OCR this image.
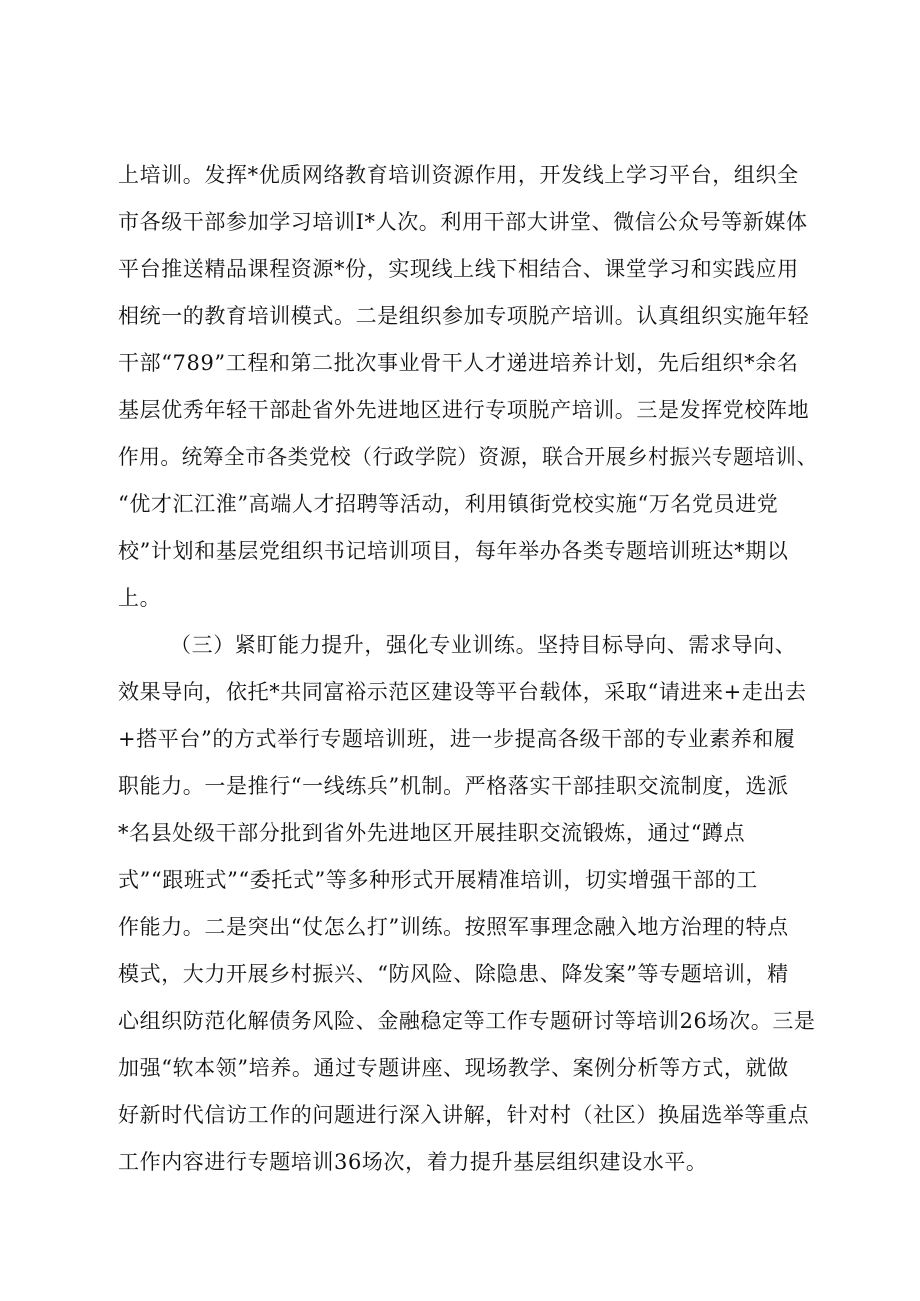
上培训。发挥*优质网络教育培训资源作用，开发线上学习平台，组织全
市各级干部参加学习培训I*人次。利用干部大讲堂、微信公众号等新媒体
平台推送精品课程资源*份，实现线上线下相结合、课堂学习和实践应用
相统一的教育培训模式。二是组织参加专项脱产培训。认真组织实施年轻
干部“789”工程和第二批次事业骨干人才递进培养计划，先后组织*余名
基层优秀年轻干部赴省外先进地区进行专项脱产培训。三是发挥党校阵地
作用。统筹全市各类党校（行政学院）资源，联合开展乡村振兴专题培训、
“优才汇江淮”高端人才招聘等活动，利用镇街党校实施“万名党员进党
校”计划和基层党组织书记培训项目，每年举办各类专题培训班达*期以
上。
（三）紧盯能力提升，强化专业训练。坚持目标导向、需求导向、
效果导向，依托*共同富裕示范区建设等平台载体，采取“请进来+走出去
+搭平台”的方式举行专题培训班，进一步提高各级干部的专业素养和履
职能力。一是推行“一线练兵”机制。严格落实干部挂职交流制度，选派
*名县处级干部分批到省外先进地区开展挂职交流锻炼，通过“蹲点
式”“跟班式”“委托式”等多种形式开展精准培训，切实增强干部的工
作能力。二是突出“仗怎么打”训练。按照军事理念融入地方治理的特点
模式，大力开展乡村振兴、“防风险、除隐患、降发案”等专题培训，精
心组织防范化解债务风险、金融稳定等工作专题研讨等培训26场次。三是
加强“软本领”培养。通过专题讲座、现场教学、案例分析等方式，就做
好新时代信访工作的问题进行深入讲解，针对村（社区）换届选举等重点
工作内容进行专题培训36场次，着力提升基层组织建设水平。
